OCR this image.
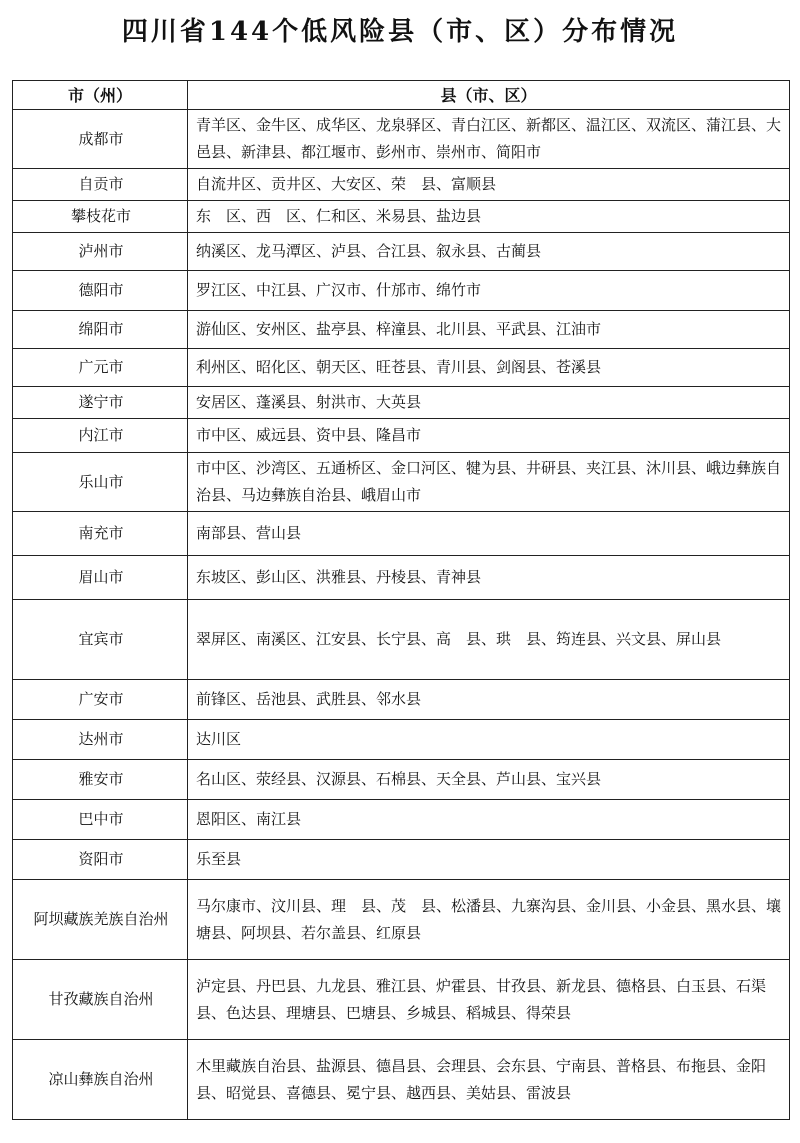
四川省144个低风险县（市、区）分布情况
市（州）	县（市、区）
成都市	青羊区、金牛区、成华区、龙泉驿区、青白江区、新都区、温江区、双流区、蒲江县、大邑县、新津县、都江堰市、彭州市、崇州市、简阳市
自贡市	自流井区、贡井区、大安区、荣　县、富顺县
攀枝花市	东　区、西　区、仁和区、米易县、盐边县
泸州市	纳溪区、龙马潭区、泸县、合江县、叙永县、古蔺县
德阳市	罗江区、中江县、广汉市、什邡市、绵竹市
绵阳市	游仙区、安州区、盐亭县、梓潼县、北川县、平武县、江油市
广元市	利州区、昭化区、朝天区、旺苍县、青川县、剑阁县、苍溪县
遂宁市	安居区、蓬溪县、射洪市、大英县
内江市	市中区、威远县、资中县、隆昌市
乐山市	市中区、沙湾区、五通桥区、金口河区、犍为县、井研县、夹江县、沐川县、峨边彝族自治县、马边彝族自治县、峨眉山市
南充市	南部县、营山县
眉山市	东坡区、彭山区、洪雅县、丹棱县、青神县
宜宾市	翠屏区、南溪区、江安县、长宁县、高　县、珙　县、筠连县、兴文县、屏山县
广安市	前锋区、岳池县、武胜县、邻水县
达州市	达川区
雅安市	名山区、荥经县、汉源县、石棉县、天全县、芦山县、宝兴县
巴中市	恩阳区、南江县
资阳市	乐至县
阿坝藏族羌族自治州	马尔康市、汶川县、理　县、茂　县、松潘县、九寨沟县、金川县、小金县、黑水县、壤塘县、阿坝县、若尔盖县、红原县
甘孜藏族自治州	泸定县、丹巴县、九龙县、雅江县、炉霍县、甘孜县、新龙县、德格县、白玉县、石渠县、色达县、理塘县、巴塘县、乡城县、稻城县、得荣县
凉山彝族自治州	木里藏族自治县、盐源县、德昌县、会理县、会东县、宁南县、普格县、布拖县、金阳县、昭觉县、喜德县、冕宁县、越西县、美姑县、雷波县
